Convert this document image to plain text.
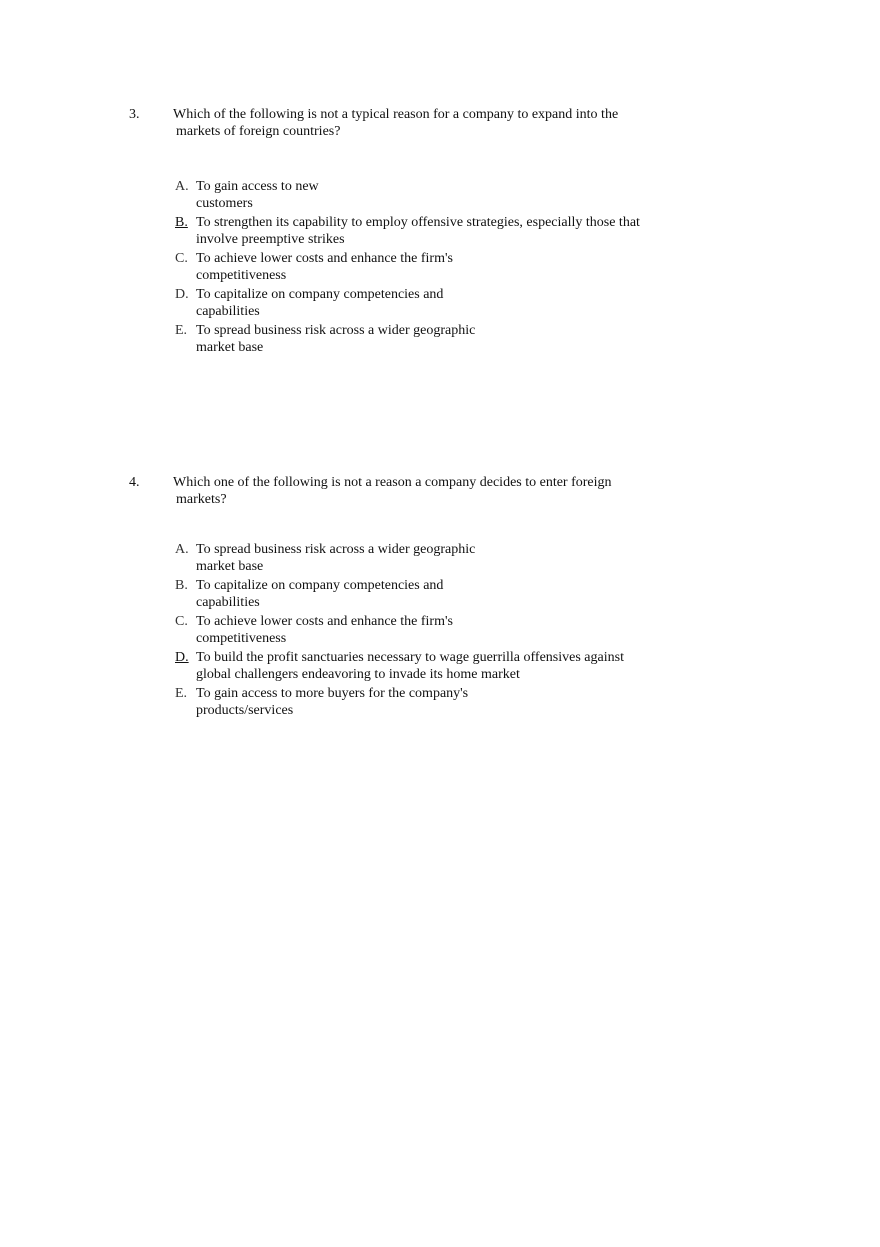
3. Which of the following is not a typical reason for a company to expand into the markets of foreign countries?
A. To gain access to new customers
B. To strengthen its capability to employ offensive strategies, especially those that involve preemptive strikes
C. To achieve lower costs and enhance the firm's competitiveness
D. To capitalize on company competencies and capabilities
E. To spread business risk across a wider geographic market base
4. Which one of the following is not a reason a company decides to enter foreign markets?
A. To spread business risk across a wider geographic market base
B. To capitalize on company competencies and capabilities
C. To achieve lower costs and enhance the firm's competitiveness
D. To build the profit sanctuaries necessary to wage guerrilla offensives against global challengers endeavoring to invade its home market
E. To gain access to more buyers for the company's products/services
